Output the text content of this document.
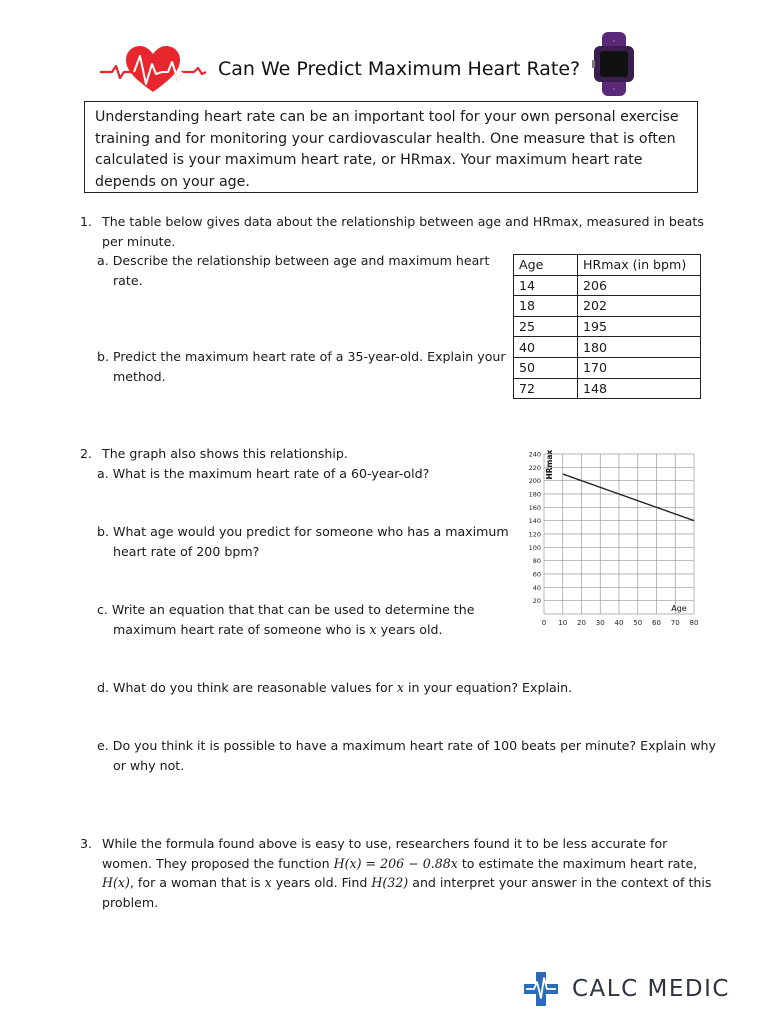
Can We Predict Maximum Heart Rate?
Understanding heart rate can be an important tool for your own personal exercise training and for monitoring your cardiovascular health. One measure that is often calculated is your maximum heart rate, or HRmax. Your maximum heart rate depends on your age.
1. The table below gives data about the relationship between age and HRmax, measured in beats
per minute.
a. Describe the relationship between age and maximum heart
rate.
b. Predict the maximum heart rate of a 35-year-old. Explain your
method.
Age	HRmax (in bpm)
14	206
18	202
25	195
40	180
50	170
72	148
2. The graph also shows this relationship.
a. What is the maximum heart rate of a 60-year-old?
b. What age would you predict for someone who has a maximum
heart rate of 200 bpm?
c. Write an equation that that can be used to determine the
maximum heart rate of someone who is x years old.
d. What do you think are reasonable values for x in your equation? Explain.
e. Do you think it is possible to have a maximum heart rate of 100 beats per minute? Explain why
or why not.
0 10 20 30 40 50 60 70 80
20
40
60
80
100
120
140
160
180
200
220
240
Age
HRmax
3. While the formula found above is easy to use, researchers found it to be less accurate for
women. They proposed the function H(x) = 206 − 0.88x to estimate the maximum heart rate,
H(x), for a woman that is x years old. Find H(32) and interpret your answer in the context of this
problem.
CALC MEDIC
